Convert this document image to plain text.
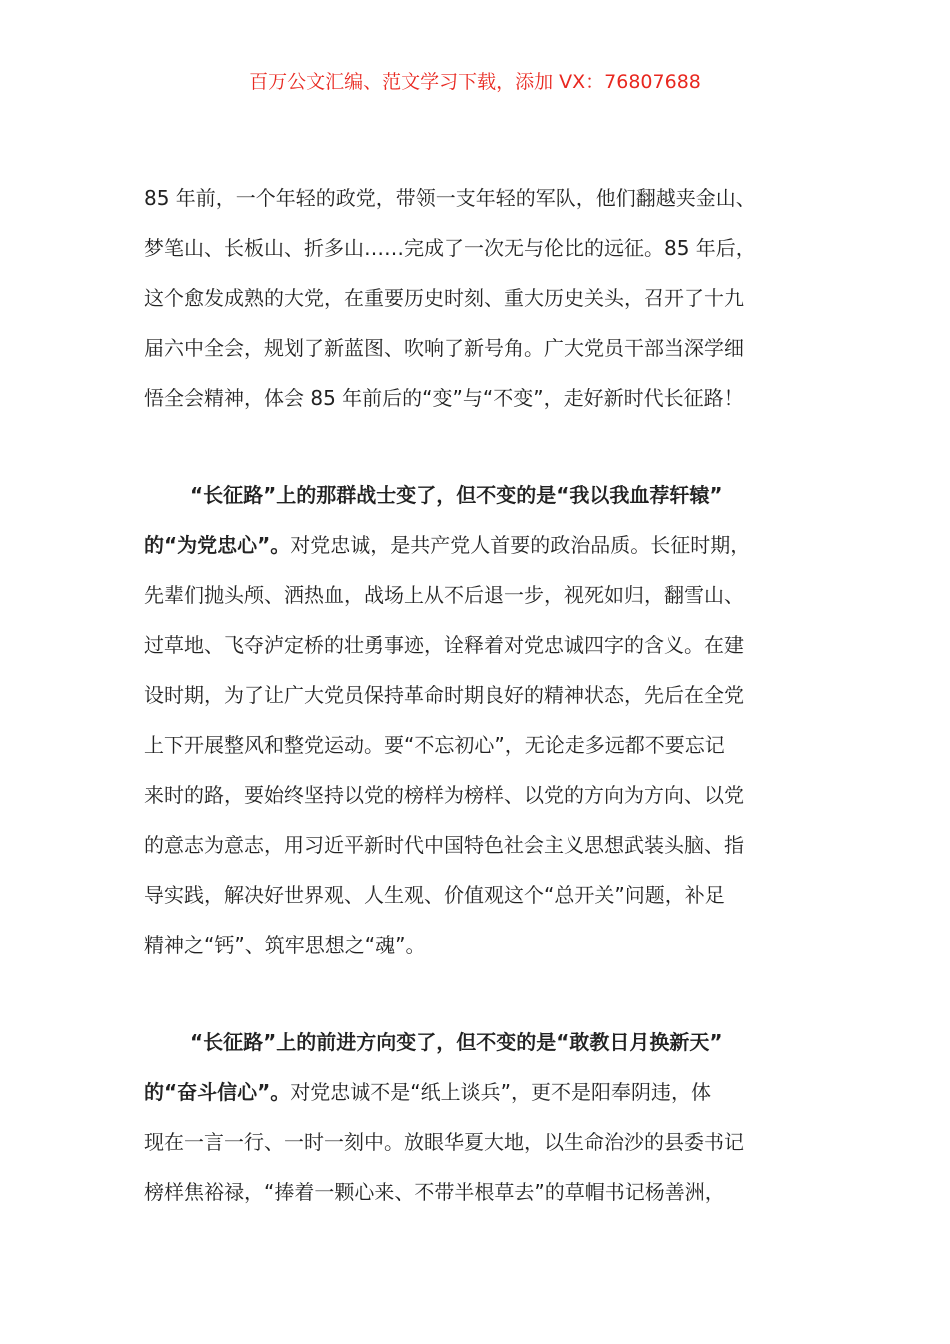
百万公文汇编、范文学习下载，添加 VX：76807688
85 年前，一个年轻的政党，带领一支年轻的军队，他们翻越夹金山、
梦笔山、长板山、折多山……完成了一次无与伦比的远征。85 年后，
这个愈发成熟的大党，在重要历史时刻、重大历史关头，召开了十九
届六中全会，规划了新蓝图、吹响了新号角。广大党员干部当深学细
悟全会精神，体会 85 年前后的“变”与“不变”，走好新时代长征路！
“长征路”上的那群战士变了，但不变的是“我以我血荐轩辕”
的“为党忠心”。对党忠诚，是共产党人首要的政治品质。长征时期，
先辈们抛头颅、洒热血，战场上从不后退一步，视死如归，翻雪山、
过草地、飞夺泸定桥的壮勇事迹，诠释着对党忠诚四字的含义。在建
设时期，为了让广大党员保持革命时期良好的精神状态，先后在全党
上下开展整风和整党运动。要“不忘初心”，无论走多远都不要忘记
来时的路，要始终坚持以党的榜样为榜样、以党的方向为方向、以党
的意志为意志，用习近平新时代中国特色社会主义思想武装头脑、指
导实践，解决好世界观、人生观、价值观这个“总开关”问题，补足
精神之“钙”、筑牢思想之“魂”。
“长征路”上的前进方向变了，但不变的是“敢教日月换新天”
的“奋斗信心”。对党忠诚不是“纸上谈兵”，更不是阳奉阴违，体
现在一言一行、一时一刻中。放眼华夏大地，以生命治沙的县委书记
榜样焦裕禄，“捧着一颗心来、不带半根草去”的草帽书记杨善洲，
